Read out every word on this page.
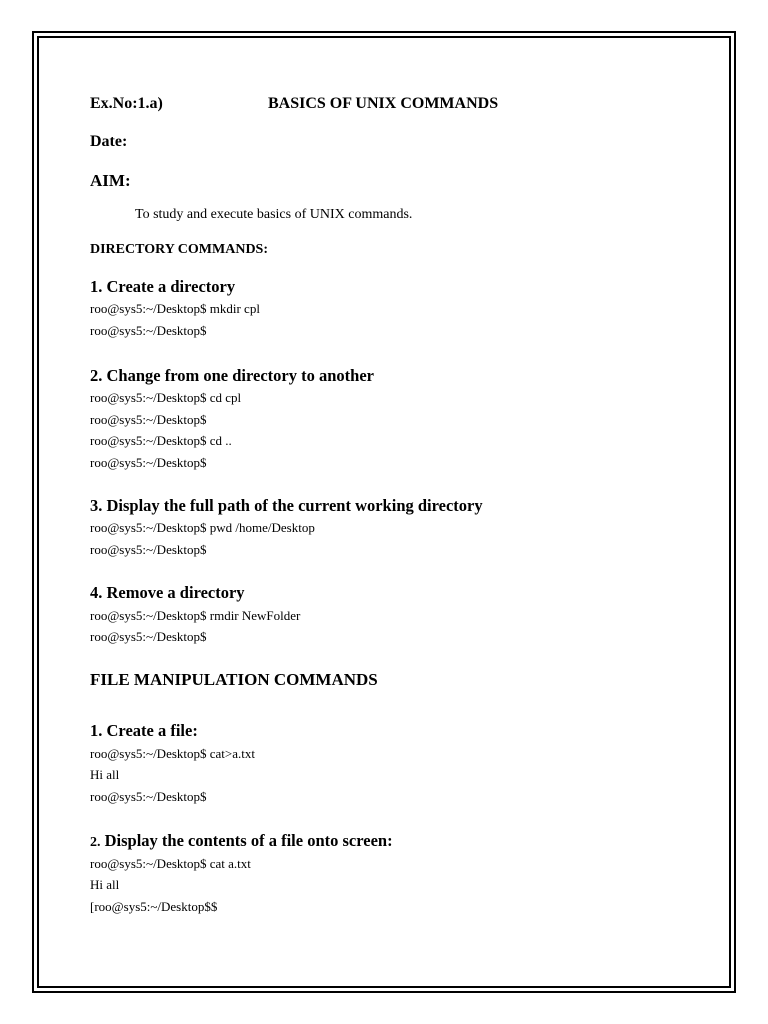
Ex.No:1.a)	BASICS OF UNIX COMMANDS
Date:
AIM:
To study and execute basics of UNIX commands.
DIRECTORY COMMANDS:
1. Create a directory
roo@sys5:~/Desktop$ mkdir cpl
roo@sys5:~/Desktop$
2. Change from one directory to another
roo@sys5:~/Desktop$ cd cpl
roo@sys5:~/Desktop$
roo@sys5:~/Desktop$ cd ..
roo@sys5:~/Desktop$
3. Display the full path of the current working directory
roo@sys5:~/Desktop$ pwd /home/Desktop
roo@sys5:~/Desktop$
4. Remove a directory
roo@sys5:~/Desktop$ rmdir NewFolder
roo@sys5:~/Desktop$
FILE MANIPULATION COMMANDS
1. Create a file:
roo@sys5:~/Desktop$ cat>a.txt
Hi all
roo@sys5:~/Desktop$
2. Display the contents of a file onto screen:
roo@sys5:~/Desktop$ cat a.txt
Hi all
[roo@sys5:~/Desktop$$
